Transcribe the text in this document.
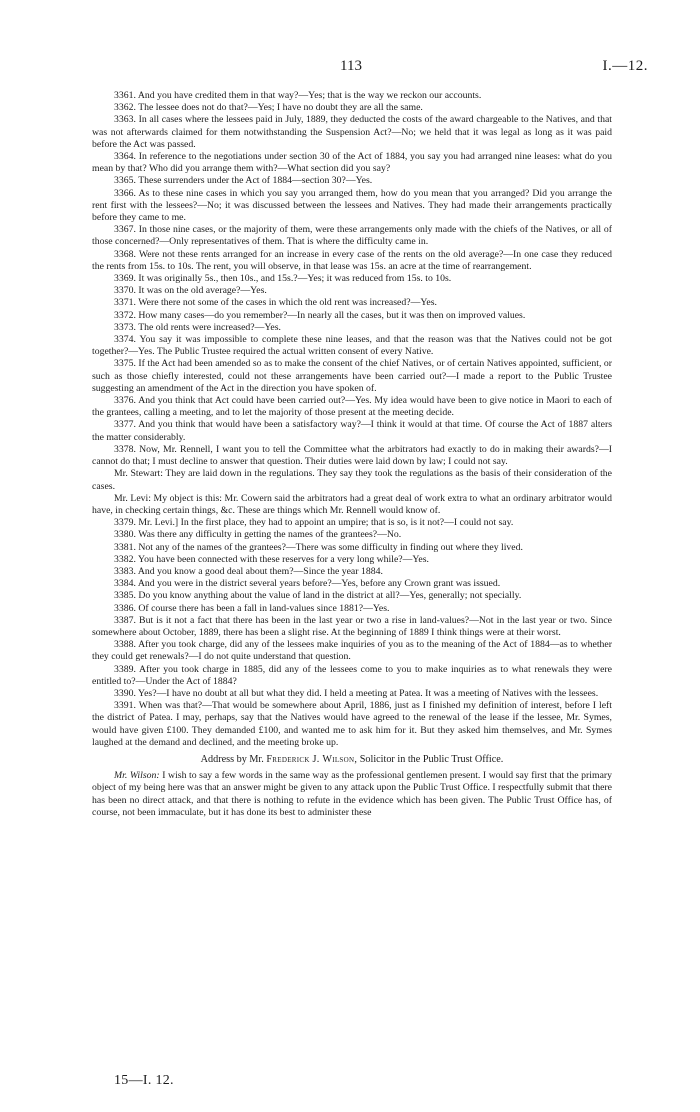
113	I.—12.

3361. And you have credited them in that way?—Yes; that is the way we reckon our accounts.

3362. The lessee does not do that?—Yes; I have no doubt they are all the same.

3363. In all cases where the lessees paid in July, 1889, they deducted the costs of the award chargeable to the Natives, and that was not afterwards claimed for them notwithstanding the Suspension Act?—No; we held that it was legal as long as it was paid before the Act was passed.

3364. In reference to the negotiations under section 30 of the Act of 1884, you say you had arranged nine leases: what do you mean by that? Who did you arrange them with?—What section did you say?

3365. These surrenders under the Act of 1884—section 30?—Yes.

3366. As to these nine cases in which you say you arranged them, how do you mean that you arranged? Did you arrange the rent first with the lessees?—No; it was discussed between the lessees and Natives. They had made their arrangements practically before they came to me.

3367. In those nine cases, or the majority of them, were these arrangements only made with the chiefs of the Natives, or all of those concerned?—Only representatives of them. That is where the difficulty came in.

3368. Were not these rents arranged for an increase in every case of the rents on the old average?—In one case they reduced the rents from 15s. to 10s. The rent, you will observe, in that lease was 15s. an acre at the time of rearrangement.

3369. It was originally 5s., then 10s., and 15s.?—Yes; it was reduced from 15s. to 10s.

3370. It was on the old average?—Yes.

3371. Were there not some of the cases in which the old rent was increased?—Yes.

3372. How many cases—do you remember?—In nearly all the cases, but it was then on improved values.

3373. The old rents were increased?—Yes.

3374. You say it was impossible to complete these nine leases, and that the reason was that the Natives could not be got together?—Yes. The Public Trustee required the actual written consent of every Native.

3375. If the Act had been amended so as to make the consent of the chief Natives, or of certain Natives appointed, sufficient, or such as those chiefly interested, could not these arrangements have been carried out?—I made a report to the Public Trustee suggesting an amendment of the Act in the direction you have spoken of.

3376. And you think that Act could have been carried out?—Yes. My idea would have been to give notice in Maori to each of the grantees, calling a meeting, and to let the majority of those present at the meeting decide.

3377. And you think that would have been a satisfactory way?—I think it would at that time. Of course the Act of 1887 alters the matter considerably.

3378. Now, Mr. Rennell, I want you to tell the Committee what the arbitrators had exactly to do in making their awards?—I cannot do that; I must decline to answer that question. Their duties were laid down by law; I could not say.

Mr. Stewart: They are laid down in the regulations. They say they took the regulations as the basis of their consideration of the cases.

Mr. Levi: My object is this: Mr. Cowern said the arbitrators had a great deal of work extra to what an ordinary arbitrator would have, in checking certain things, &c. These are things which Mr. Rennell would know of.

3379. Mr. Levi.] In the first place, they had to appoint an umpire; that is so, is it not?—I could not say.

3380. Was there any difficulty in getting the names of the grantees?—No.

3381. Not any of the names of the grantees?—There was some difficulty in finding out where they lived.

3382. You have been connected with these reserves for a very long while?—Yes.

3383. And you know a good deal about them?—Since the year 1884.

3384. And you were in the district several years before?—Yes, before any Crown grant was issued.

3385. Do you know anything about the value of land in the district at all?—Yes, generally; not specially.

3386. Of course there has been a fall in land-values since 1881?—Yes.

3387. But is it not a fact that there has been in the last year or two a rise in land-values?—Not in the last year or two. Since somewhere about October, 1889, there has been a slight rise. At the beginning of 1889 I think things were at their worst.

3388. After you took charge, did any of the lessees make inquiries of you as to the meaning of the Act of 1884—as to whether they could get renewals?—I do not quite understand that question.

3389. After you took charge in 1885, did any of the lessees come to you to make inquiries as to what renewals they were entitled to?—Under the Act of 1884?

3390. Yes?—I have no doubt at all but what they did. I held a meeting at Patea. It was a meeting of Natives with the lessees.

3391. When was that?—That would be somewhere about April, 1886, just as I finished my definition of interest, before I left the district of Patea. I may, perhaps, say that the Natives would have agreed to the renewal of the lease if the lessee, Mr. Symes, would have given £100. They demanded £100, and wanted me to ask him for it. But they asked him themselves, and Mr. Symes laughed at the demand and declined, and the meeting broke up.

Address by Mr. Frederick J. Wilson, Solicitor in the Public Trust Office.

Mr. Wilson: I wish to say a few words in the same way as the professional gentlemen present. I would say first that the primary object of my being here was that an answer might be given to any attack upon the Public Trust Office. I respectfully submit that there has been no direct attack, and that there is nothing to refute in the evidence which has been given. The Public Trust Office has, of course, not been immaculate, but it has done its best to administer these

15—I. 12.
